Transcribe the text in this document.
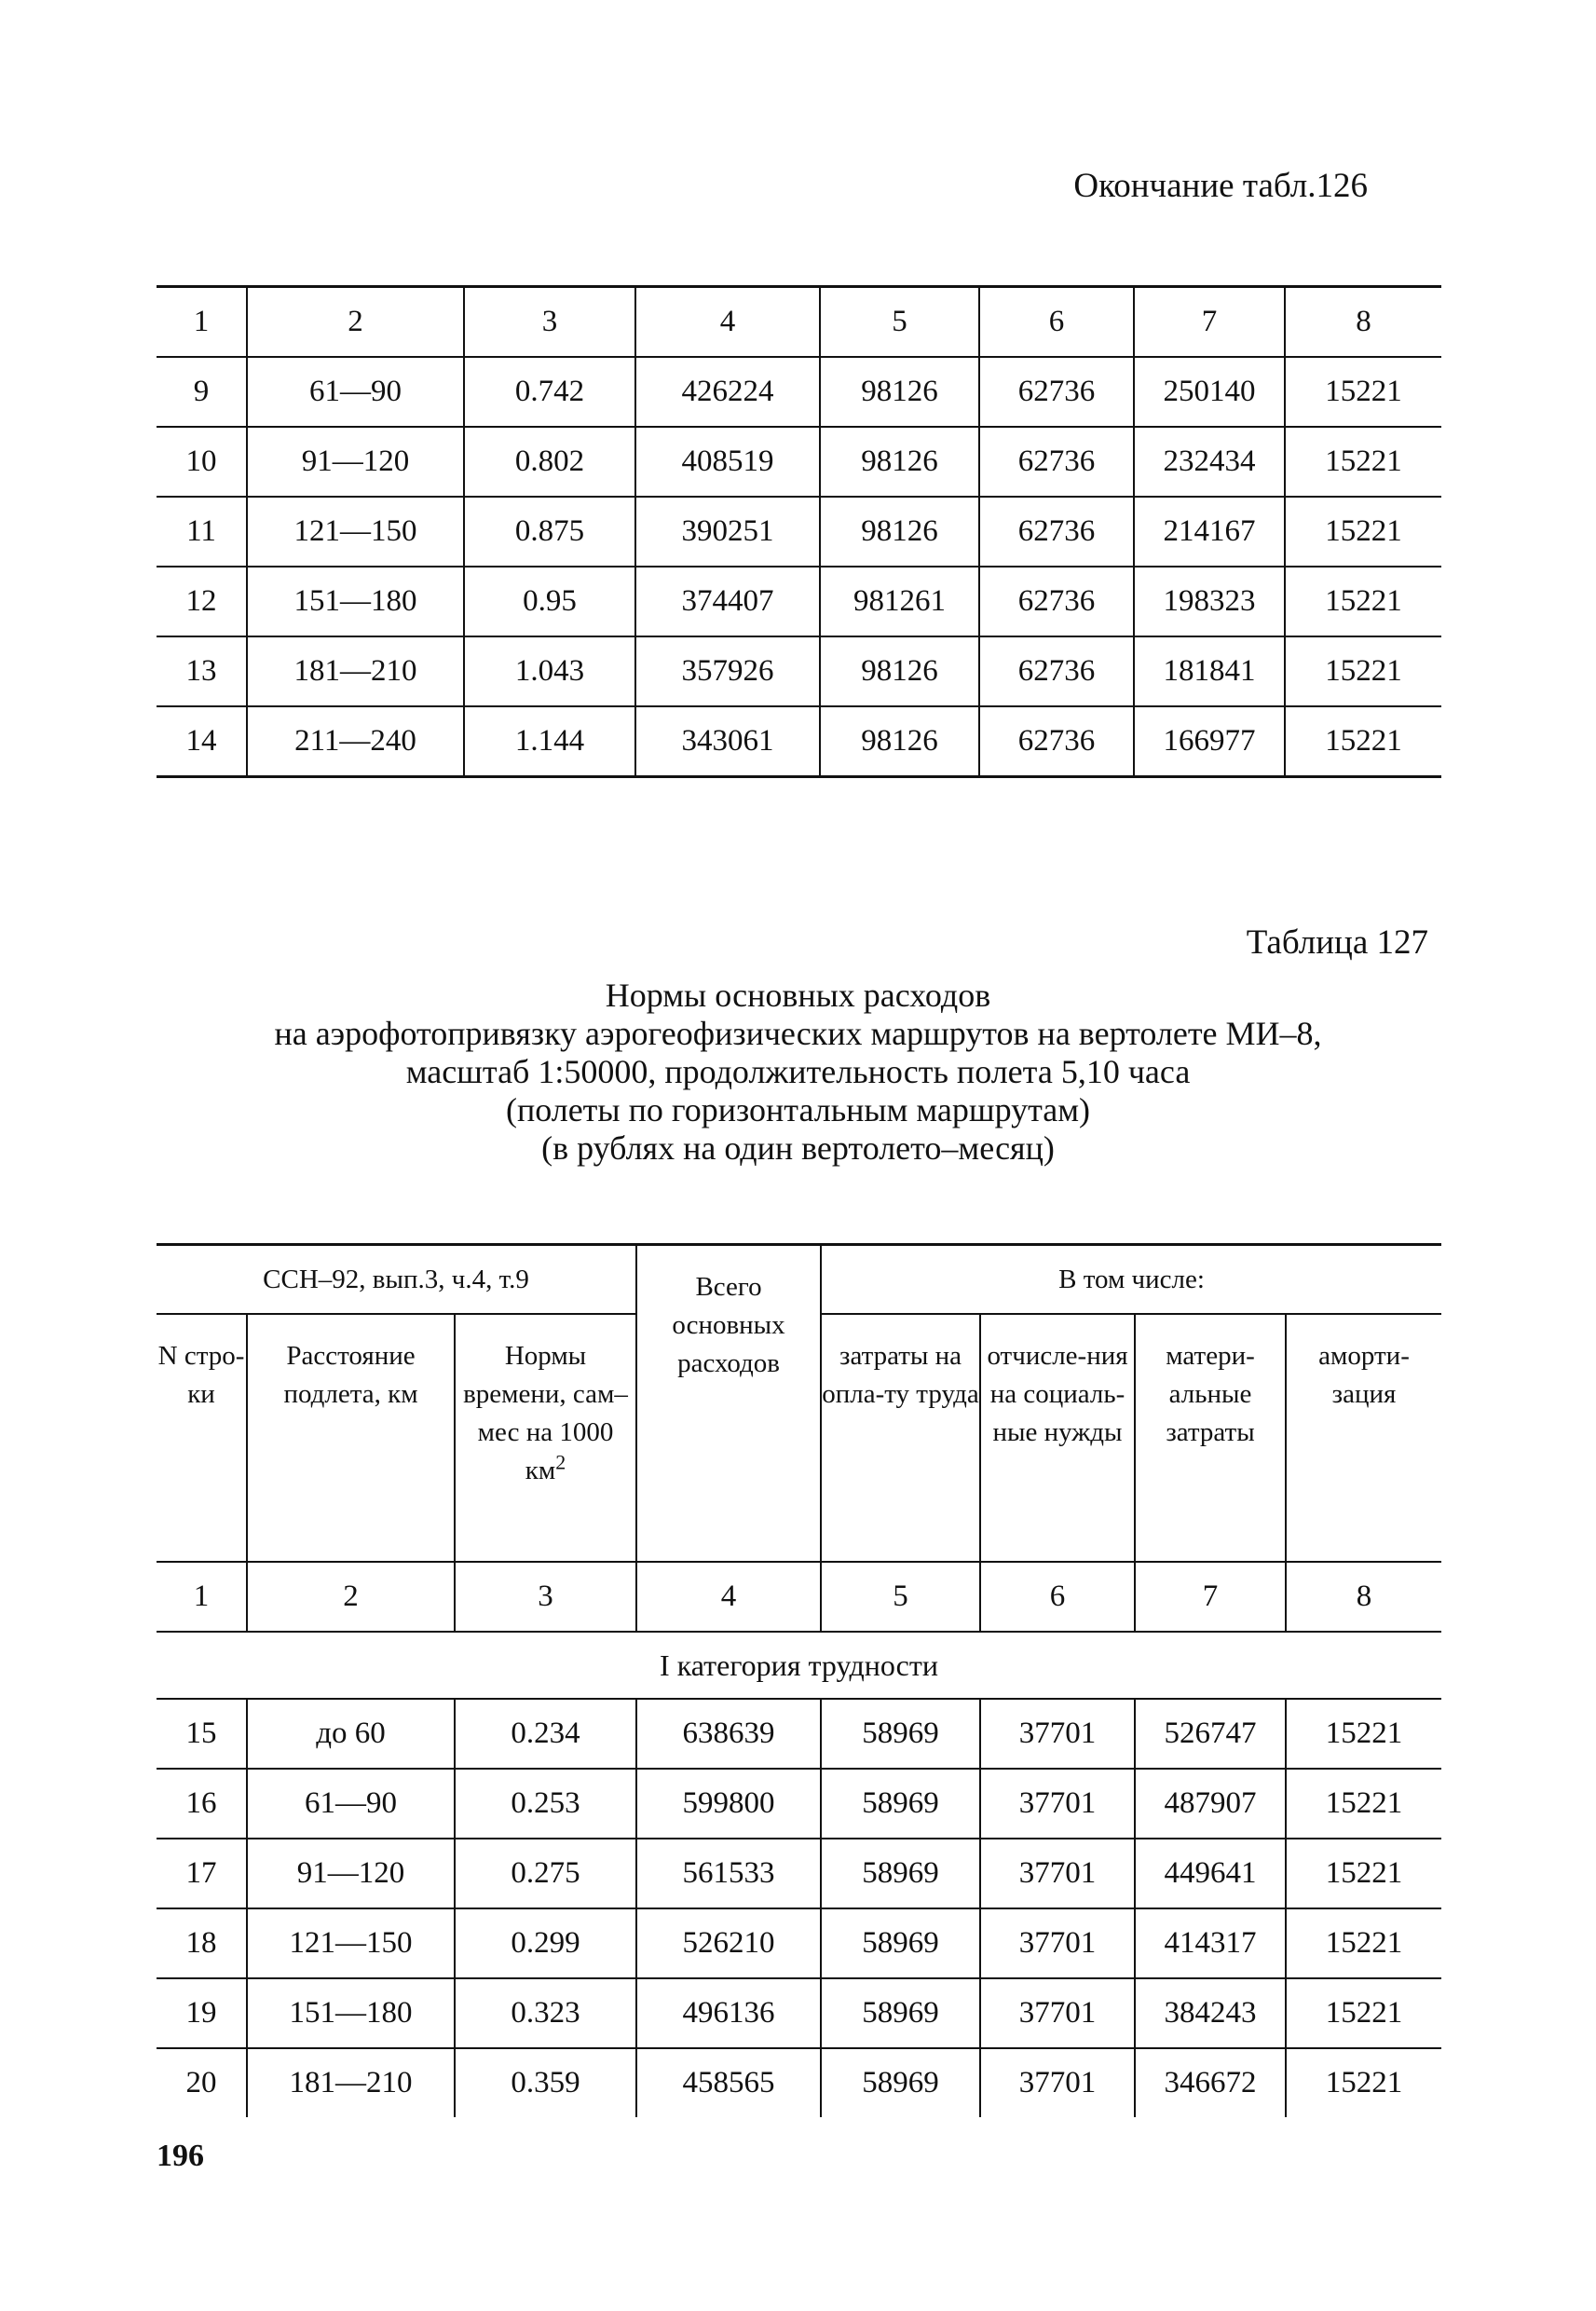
Окончание табл.126
1	2	3	4	5	6	7	8
9	61—90	0.742	426224	98126	62736	250140	15221
10	91—120	0.802	408519	98126	62736	232434	15221
11	121—150	0.875	390251	98126	62736	214167	15221
12	151—180	0.95	374407	981261	62736	198323	15221
13	181—210	1.043	357926	98126	62736	181841	15221
14	211—240	1.144	343061	98126	62736	166977	15221
Таблица 127
Нормы основных расходов
на аэрофотопривязку аэрогеофизических маршрутов на вертолете МИ–8,
масштаб 1:50000, продолжительность полета 5,10 часа
(полеты по горизонтальным маршрутам)
(в рублях на один вертолето–месяц)
ССН–92, вып.3, ч.4, т.9			Всего основных расходов	В том числе:			
N стро-ки	Расстояние подлета, км	Нормы времени, сам–мес на 1000 $км^2$		затраты на опла-ту труда	отчисле-ния на социаль-ные нужды	матери-альные затраты	аморти-зация
1	2	3	4	5	6	7	8
I категория трудности							
15	до 60	0.234	638639	58969	37701	526747	15221
16	61—90	0.253	599800	58969	37701	487907	15221
17	91—120	0.275	561533	58969	37701	449641	15221
18	121—150	0.299	526210	58969	37701	414317	15221
19	151—180	0.323	496136	58969	37701	384243	15221
20	181—210	0.359	458565	58969	37701	346672	15221
196
